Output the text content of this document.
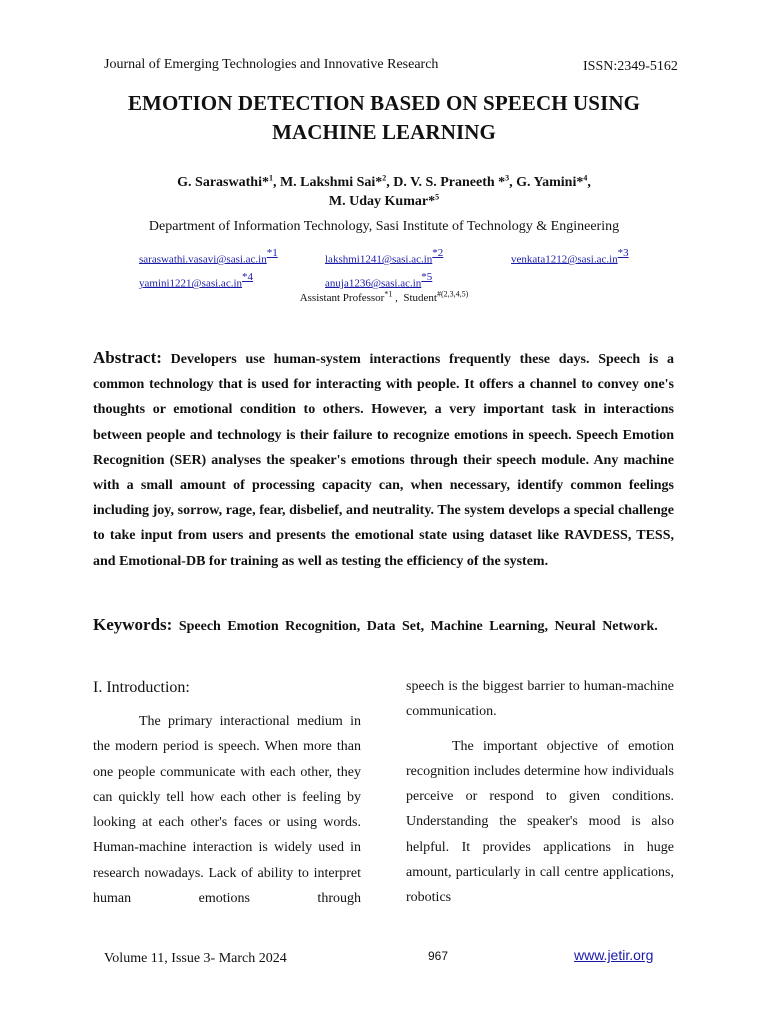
Journal of Emerging Technologies and Innovative Research	ISSN:2349-5162
EMOTION DETECTION BASED ON SPEECH USING
MACHINE LEARNING
G. Saraswathi*$^1$, M. Lakshmi Sai*$^2$, D. V. S. Praneeth *$^3$, G. Yamini*$^4$,
M. Uday Kumar*$^5$
Department of Information Technology, Sasi Institute of Technology & Engineering
$saraswathi.vasavi@sasi.ac.in^{*1}$
$lakshmi1241@sasi.ac.in^{*2}$
$venkata1212@sasi.ac.in^{*3}$
$yamini1221@sasi.ac.in^{*4}$
$anuja1236@sasi.ac.in^{*5}$
Assistant Professor$^{*1}$ ,  Student$^{\#(2,3,4,5)}$

Abstract: Developers use human-system interactions frequently these days. Speech is a common technology that is used for interacting with people. It offers a channel to convey one's thoughts or emotional condition to others. However, a very important task in interactions between people and technology is their failure to recognize emotions in speech. Speech Emotion Recognition (SER) analyses the speaker's emotions through their speech module. Any machine with a small amount of processing capacity can, when necessary, identify common feelings including joy, sorrow, rage, fear, disbelief, and neutrality. The system develops a special challenge to take input from users and presents the emotional state using dataset like RAVDESS, TESS, and Emotional-DB for training as well as testing the efficiency of the system.

Keywords: Speech Emotion Recognition, Data Set, Machine Learning, Neural Network.
I. Introduction:

The primary interactional medium in the modern period is speech. When more than one people communicate with each other, they can quickly tell how each other is feeling by looking at each other's faces or using words. Human-machine interaction is widely used in research nowadays. Lack of ability to interpret human emotions through

speech is the biggest barrier to human-machine communication.

The important objective of emotion recognition includes determine how individuals perceive or respond to given conditions. Understanding the speaker's mood is also helpful. It provides applications in huge amount, particularly in call centre applications, robotics

Volume 11, Issue 3- March 2024	967	www.jetir.org
